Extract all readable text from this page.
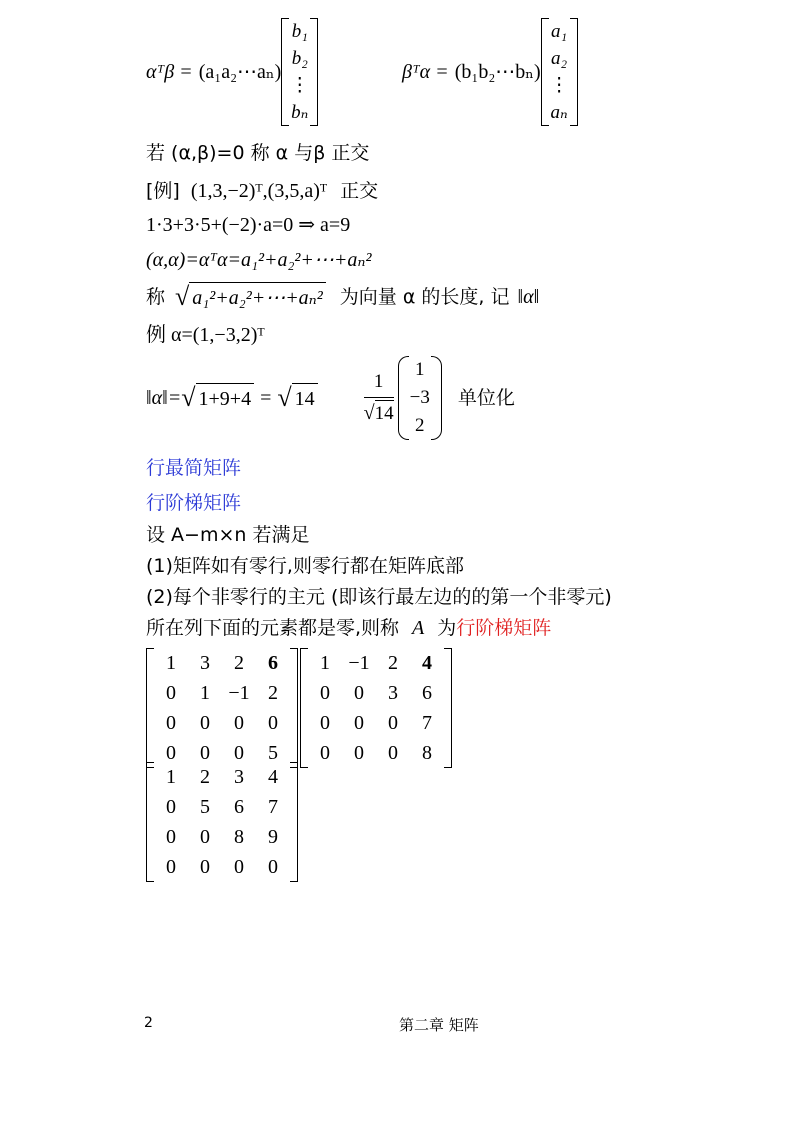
αᵀβ = (a₁a₂⋯aₙ)
b₁
b₂
⋮
bₙ
βᵀα = (b₁b₂⋯bₙ)
a₁
a₂
⋮
aₙ
若 (α,β)=0 称 α 与β 正交
[例] (1,3,−2)ᵀ,(3,5,a)ᵀ 正交
1·3+3·5+(−2)·a=0 ⇒ a=9
(α,α)=αᵀα=a₁²+a₂²+⋯+aₙ²
称 √ a₁²+a₂²+⋯+aₙ² 为向量 α 的长度, 记 ‖α‖
例 α=(1,−3,2)ᵀ
‖α‖= √ 1+9+4 = √ 14	$\frac{1}{√ 14} 1$
−3
2
单位化
行最简矩阵
行阶梯矩阵
设 A−m×n 若满足
(1)矩阵如有零行,则零行都在矩阵底部
(2)每个非零行的主元 (即该行最左边的的第一个非零元)
所在列下面的元素都是零,则称 A 为行阶梯矩阵
1	3	2	6
0	1 −1 2
0	0	0	0
0	0	0	5
1 −1 2	4
0	0	3	6
0	0	0	7
0	0	0	8
1	2	3	4
0	5	6	7
0	0	8	9
0	0	0	0
2	第二章 矩阵
